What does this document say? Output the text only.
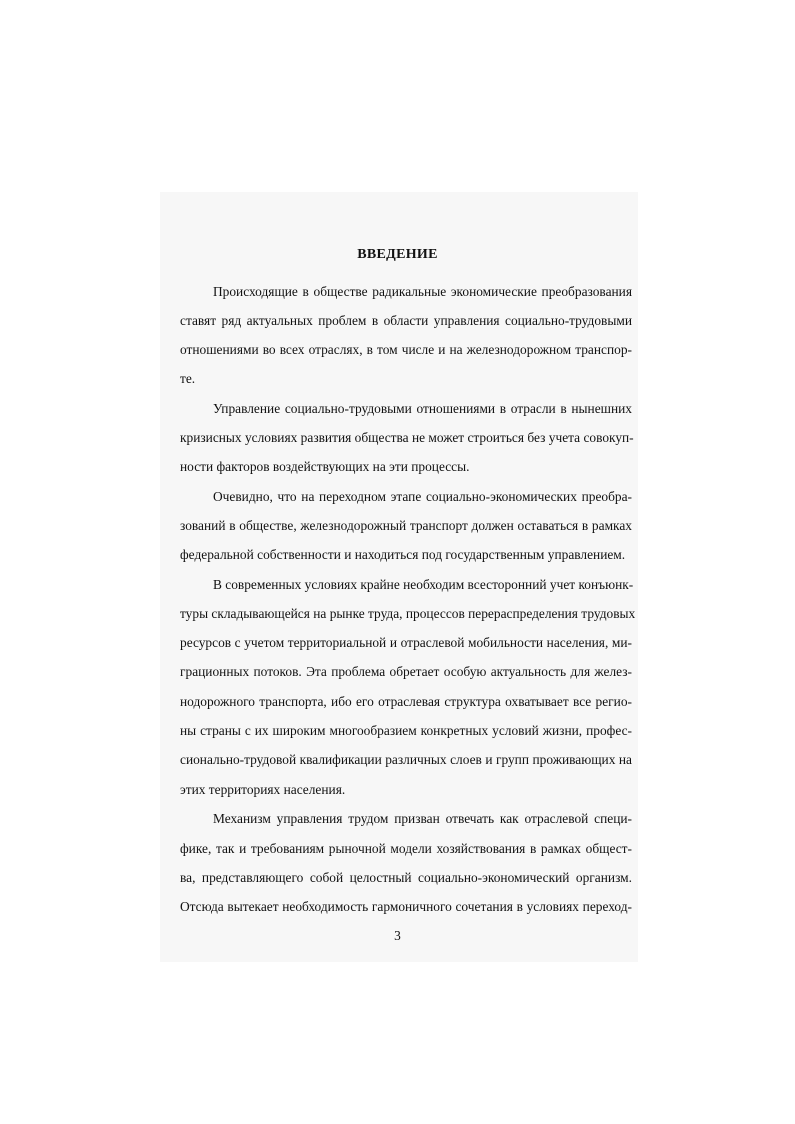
ВВЕДЕНИЕ
Происходящие в обществе радикальные экономические преобразования
ставят ряд актуальных проблем в области управления социально-трудовыми
отношениями во всех отраслях, в том числе и на железнодорожном транспор-
те.
Управление социально-трудовыми отношениями в отрасли в нынешних
кризисных условиях развития общества не может строиться без учета совокуп-
ности факторов воздействующих на эти процессы.
Очевидно, что на переходном этапе социально-экономических преобра-
зований в обществе, железнодорожный транспорт должен оставаться в рамках
федеральной собственности и находиться под государственным управлением.
В современных условиях крайне необходим всесторонний учет конъюнк-
туры складывающейся на рынке труда, процессов перераспределения трудовых
ресурсов с учетом территориальной и отраслевой мобильности населения, ми-
грационных потоков. Эта проблема обретает особую актуальность для желез-
нодорожного транспорта, ибо его отраслевая структура охватывает все регио-
ны страны с их широким многообразием конкретных условий жизни, профес-
сионально-трудовой квалификации различных слоев и групп проживающих на
этих территориях населения.
Механизм управления трудом призван отвечать как отраслевой специ-
фике, так и требованиям рыночной модели хозяйствования в рамках общест-
ва, представляющего собой целостный социально-экономический организм.
Отсюда вытекает необходимость гармоничного сочетания в условиях переход-
3
